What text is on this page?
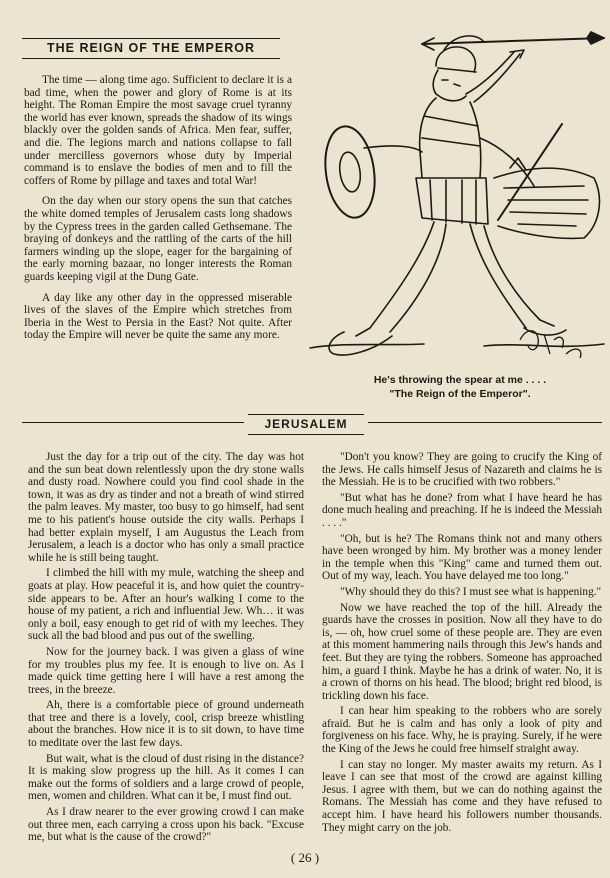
THE REIGN OF THE EMPEROR

The time — along time ago. Sufficient to declare it is a bad time, when the power and glory of Rome is at its height. The Roman Empire the most savage cruel tyranny the world has ever known, spreads the shadow of its wings blackly over the golden sands of Africa. Men fear, suffer, and die. The legions march and nations collapse to fall under mercilless governors whose duty by Imperial command is to enslave the bodies of men and to fill the coffers of Rome by pillage and taxes and total War!

On the day when our story opens the sun that catches the white domed temples of Jerusalem casts long shadows by the Cypress trees in the garden called Gethsemane. The braying of donkeys and the rattling of the carts of the hill farmers winding up the slope, eager for the bargaining of the early morning bazaar, no longer interests the Roman guards keeping vigil at the Dung Gate.

A day like any other day in the oppressed miserable lives of the slaves of the Empire which stretches from Iberia in the West to Persia in the East? Not quite. After today the Empire will never be quite the same any more.

He's throwing the spear at me . . . .
"The Reign of the Emperor".
JERUSALEM

Just the day for a trip out of the city. The day was hot and the sun beat down relentlessly upon the dry stone walls and dusty road. Nowhere could you find cool shade in the town, it was as dry as tinder and not a breath of wind stirred the palm leaves. My master, too busy to go himself, had sent me to his patient's house outside the city walls. Perhaps I had better explain myself, I am Augustus the Leach from Jerusalem, a leach is a doctor who has only a small practice while he is still being taught.

I climbed the hill with my mule, watching the sheep and goats at play. How peaceful it is, and how quiet the country-side appears to be. After an hour's walking I come to the house of my patient, a rich and influential Jew. Wh… it was only a boil, easy enough to get rid of with my leeches. They suck all the bad blood and pus out of the swelling.

Now for the journey back. I was given a glass of wine for my troubles plus my fee. It is enough to live on. As I made quick time getting here I will have a rest among the trees, in the breeze.

Ah, there is a comfortable piece of ground underneath that tree and there is a lovely, cool, crisp breeze whistling about the branches. How nice it is to sit down, to have time to meditate over the last few days.

But wait, what is the cloud of dust rising in the distance? It is making slow progress up the hill. As it comes I can make out the forms of soldiers and a large crowd of people, men, women and children. What can it be, I must find out.

As I draw nearer to the ever growing crowd I can make out three men, each carrying a cross upon his back. "Excuse me, but what is the cause of the crowd?"

"Don't you know? They are going to crucify the King of the Jews. He calls himself Jesus of Nazareth and claims he is the Messiah. He is to be crucified with two robbers."

"But what has he done? from what I have heard he has done much healing and preaching. If he is indeed the Messiah . . . ."

"Oh, but is he? The Romans think not and many others have been wronged by him. My brother was a money lender in the temple when this "King" came and turned them out. Out of my way, leach. You have delayed me too long."

"Why should they do this? I must see what is happening."

Now we have reached the top of the hill. Already the guards have the crosses in position. Now all they have to do is, — oh, how cruel some of these people are. They are even at this moment hammering nails through this Jew's hands and feet. But they are tying the robbers. Someone has approached him, a guard I think. Maybe he has a drink of water. No, it is a crown of thorns on his head. The blood; bright red blood, is trickling down his face.

I can hear him speaking to the robbers who are sorely afraid. But he is calm and has only a look of pity and forgiveness on his face. Why, he is praying. Surely, if he were the King of the Jews he could free himself straight away.

I can stay no longer. My master awaits my return. As I leave I can see that most of the crowd are against killing Jesus. I agree with them, but we can do nothing against the Romans. The Messiah has come and they have refused to accept him. I have heard his followers number thousands. They might carry on the job.

( 26 )
